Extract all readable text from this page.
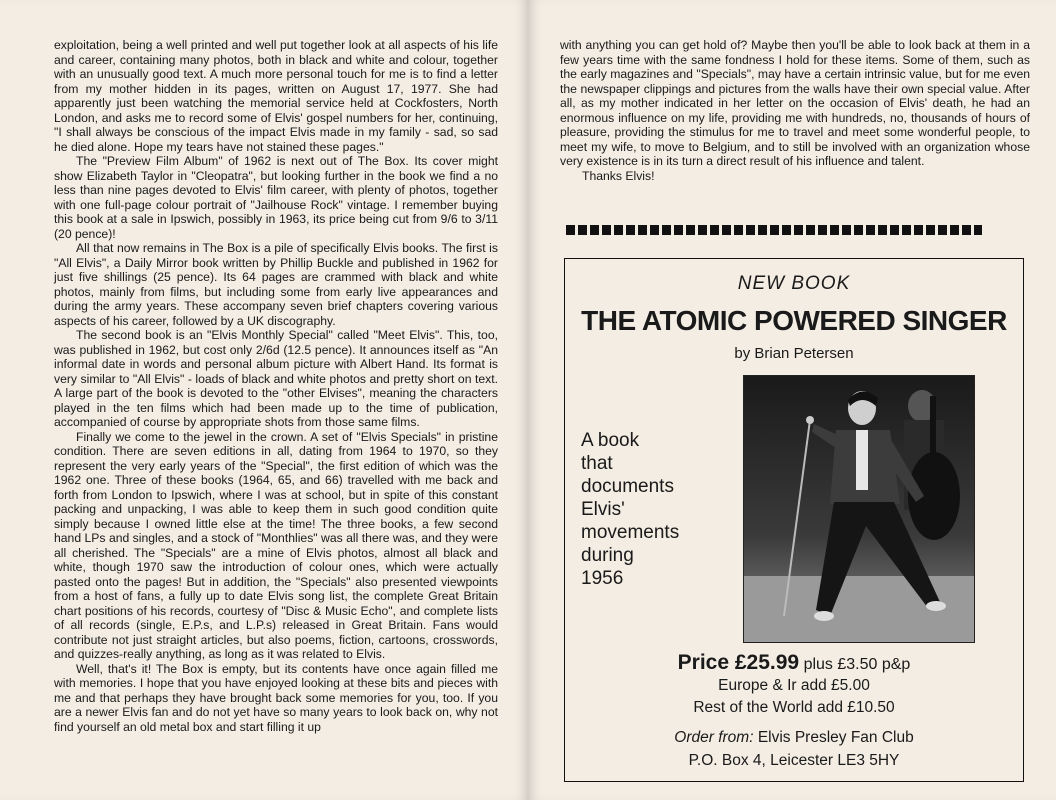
exploitation, being a well printed and well put together look at all aspects of his life and career, containing many photos, both in black and white and colour, together with an unusually good text. A much more personal touch for me is to find a letter from my mother hidden in its pages, written on August 17, 1977. She had apparently just been watching the memorial service held at Cockfosters, North London, and asks me to record some of Elvis' gospel numbers for her, continuing, "I shall always be conscious of the impact Elvis made in my family - sad, so sad he died alone. Hope my tears have not stained these pages."

The "Preview Film Album" of 1962 is next out of The Box. Its cover might show Elizabeth Taylor in "Cleopatra", but looking further in the book we find a no less than nine pages devoted to Elvis' film career, with plenty of photos, together with one full-page colour portrait of "Jailhouse Rock" vintage. I remember buying this book at a sale in Ipswich, possibly in 1963, its price being cut from 9/6 to 3/11 (20 pence)!

All that now remains in The Box is a pile of specifically Elvis books. The first is "All Elvis", a Daily Mirror book written by Phillip Buckle and published in 1962 for just five shillings (25 pence). Its 64 pages are crammed with black and white photos, mainly from films, but including some from early live appearances and during the army years. These accompany seven brief chapters covering various aspects of his career, followed by a UK discography.

The second book is an "Elvis Monthly Special" called "Meet Elvis". This, too, was published in 1962, but cost only 2/6d (12.5 pence). It announces itself as "An informal date in words and personal album picture with Albert Hand. Its format is very similar to "All Elvis" - loads of black and white photos and pretty short on text. A large part of the book is devoted to the "other Elvises", meaning the characters played in the ten films which had been made up to the time of publication, accompanied of course by appropriate shots from those same films.

Finally we come to the jewel in the crown. A set of "Elvis Specials" in pristine condition. There are seven editions in all, dating from 1964 to 1970, so they represent the very early years of the "Special", the first edition of which was the 1962 one. Three of these books (1964, 65, and 66) travelled with me back and forth from London to Ipswich, where I was at school, but in spite of this constant packing and unpacking, I was able to keep them in such good condition quite simply because I owned little else at the time! The three books, a few second hand LPs and singles, and a stock of "Monthlies" was all there was, and they were all cherished. The "Specials" are a mine of Elvis photos, almost all black and white, though 1970 saw the introduction of colour ones, which were actually pasted onto the pages! But in addition, the "Specials" also presented viewpoints from a host of fans, a fully up to date Elvis song list, the complete Great Britain chart positions of his records, courtesy of "Disc & Music Echo", and complete lists of all records (single, E.P.s, and L.P.s) released in Great Britain. Fans would contribute not just straight articles, but also poems, fiction, cartoons, crosswords, and quizzes-really anything, as long as it was related to Elvis.

Well, that's it! The Box is empty, but its contents have once again filled me with memories. I hope that you have enjoyed looking at these bits and pieces with me and that perhaps they have brought back some memories for you, too. If you are a newer Elvis fan and do not yet have so many years to look back on, why not find yourself an old metal box and start filling it up

with anything you can get hold of? Maybe then you'll be able to look back at them in a few years time with the same fondness I hold for these items. Some of them, such as the early magazines and "Specials", may have a certain intrinsic value, but for me even the newspaper clippings and pictures from the walls have their own special value. After all, as my mother indicated in her letter on the occasion of Elvis' death, he had an enormous influence on my life, providing me with hundreds, no, thousands of hours of pleasure, providing the stimulus for me to travel and meet some wonderful people, to meet my wife, to move to Belgium, and to still be involved with an organization whose very existence is in its turn a direct result of his influence and talent.

Thanks Elvis!

NEW BOOK
THE ATOMIC POWERED SINGER
by Brian Petersen
A book
that
documents
Elvis'
movements
during
1956
Price £25.99 plus £3.50 p&p
Europe & Ir add £5.00
Rest of the World add £10.50
Order from: Elvis Presley Fan Club
P.O. Box 4, Leicester LE3 5HY
